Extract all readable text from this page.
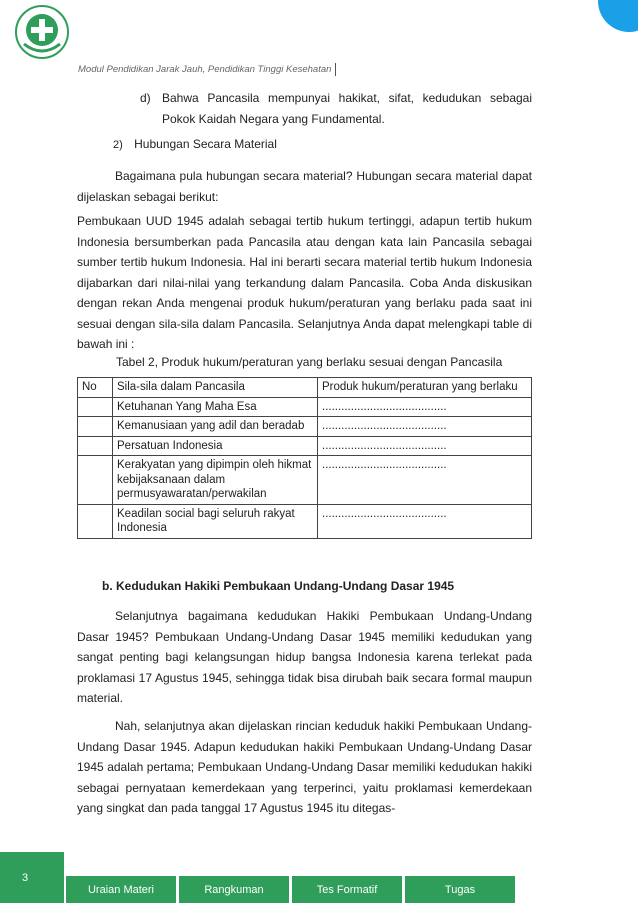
Modul Pendidikan Jarak Jauh, Pendidikan Tinggi Kesehatan
d) Bahwa Pancasila mempunyai hakikat, sifat, kedudukan sebagai Pokok Kaidah Negara yang Fundamental.
2) Hubungan Secara Material
Bagaimana pula hubungan secara material? Hubungan secara material dapat dijelaskan sebagai berikut:
Pembukaan UUD 1945 adalah sebagai tertib hukum tertinggi, adapun tertib hukum Indonesia bersumberkan pada Pancasila atau dengan kata lain Pancasila sebagai sumber tertib hukum Indonesia. Hal ini berarti secara material tertib hukum Indonesia dijabarkan dari nilai-nilai yang terkandung dalam Pancasila. Coba Anda diskusikan dengan rekan Anda mengenai produk hukum/peraturan yang berlaku pada saat ini sesuai dengan sila-sila dalam Pancasila. Selanjutnya Anda dapat melengkapi table di bawah ini :
Tabel 2, Produk hukum/peraturan yang berlaku sesuai dengan Pancasila
No	Sila-sila dalam Pancasila	Produk hukum/peraturan yang berlaku
	Ketuhanan Yang Maha Esa	.......................................
	Kemanusiaan yang adil dan beradab	.......................................
	Persatuan Indonesia	.......................................
	Kerakyatan yang dipimpin oleh hikmat kebijaksanaan dalam permusyawaratan/perwakilan	.......................................
	Keadilan social bagi seluruh rakyat Indonesia	.......................................
b. Kedudukan Hakiki Pembukaan Undang-Undang Dasar 1945
Selanjutnya bagaimana kedudukan Hakiki Pembukaan Undang-Undang Dasar 1945? Pembukaan Undang-Undang Dasar 1945 memiliki kedudukan yang sangat penting bagi kelangsungan hidup bangsa Indonesia karena terlekat pada proklamasi 17 Agustus 1945, sehingga tidak bisa dirubah baik secara formal maupun material.
Nah, selanjutnya akan dijelaskan rincian keduduk hakiki Pembukaan Undang-Undang Dasar 1945. Adapun kedudukan hakiki Pembukaan Undang-Undang Dasar 1945 adalah pertama; Pembukaan Undang-Undang Dasar memiliki kedudukan hakiki sebagai pernyataan kemerdekaan yang terperinci, yaitu proklamasi kemerdekaan yang singkat dan pada tanggal 17 Agustus 1945 itu ditegas-
3
Uraian Materi	Rangkuman	Tes Formatif	Tugas
